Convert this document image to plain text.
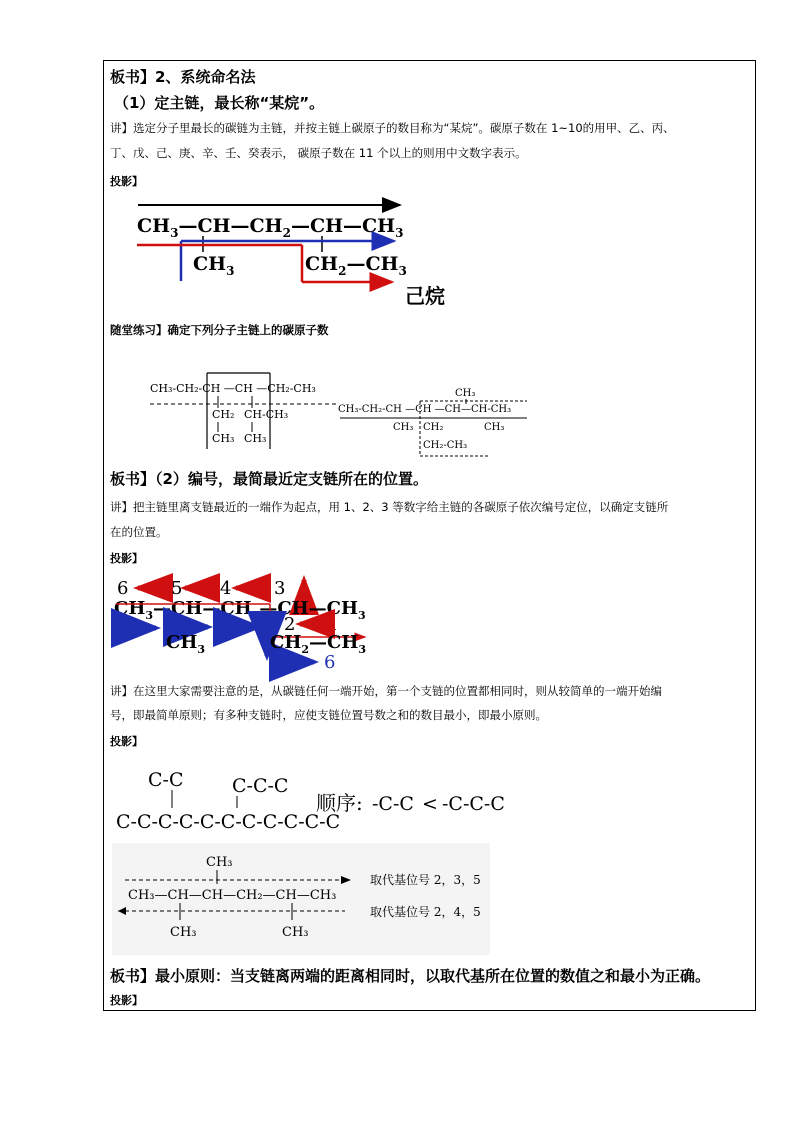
板书】2、系统命名法
（1）定主链，最长称“某烷”。
讲】选定分子里最长的碳链为主链，并按主链上碳原子的数目称为“某烷”。碳原子数在 1~10的用甲、乙、丙、
丁、戊、己、庚、辛、壬、癸表示， 碳原子数在 11 个以上的则用中文数字表示。
投影】
$CH_3—CH—CH_2—CH—CH_3$
$CH_3$	$CH_2—CH_3$
己烷
CH₃-CH₂-CH —CH —CH₂-CH₃
CH₂ CH-CH₃
CH₃ CH₃
CH₃
CH₃-CH₂-CH —CH —CH—CH-CH₃
CH₃ CH₂	CH₃
CH₂-CH₃
6 5 4 3
$CH_3—CH—CH_2—CH—CH_3$
1 2 3 4 2 1
$CH_3$	$CH_2—CH_3$
5 6
C-C	C-C-C
C-C-C-C-C-C-C-C-C-C-C
顺序: -C-C < -C-C-C
CH₃
CH₃—CH—CH—CH₂—CH—CH₃
CH₃	CH₃
取代基位号 2，3，5
取代基位号 2，4，5
随堂练习】确定下列分子主链上的碳原子数
板书】（2）编号，最简最近定支链所在的位置。
讲】把主链里离支链最近的一端作为起点，用 1、2、3 等数字给主链的各碳原子依次编号定位，以确定支链所
在的位置。
投影】
讲】在这里大家需要注意的是，从碳链任何一端开始，第一个支链的位置都相同时，则从较简单的一端开始编
号，即最简单原则；有多种支链时，应使支链位置号数之和的数目最小，即最小原则。
投影】
板书】最小原则：当支链离两端的距离相同时，以取代基所在位置的数值之和最小为正确。
投影】
